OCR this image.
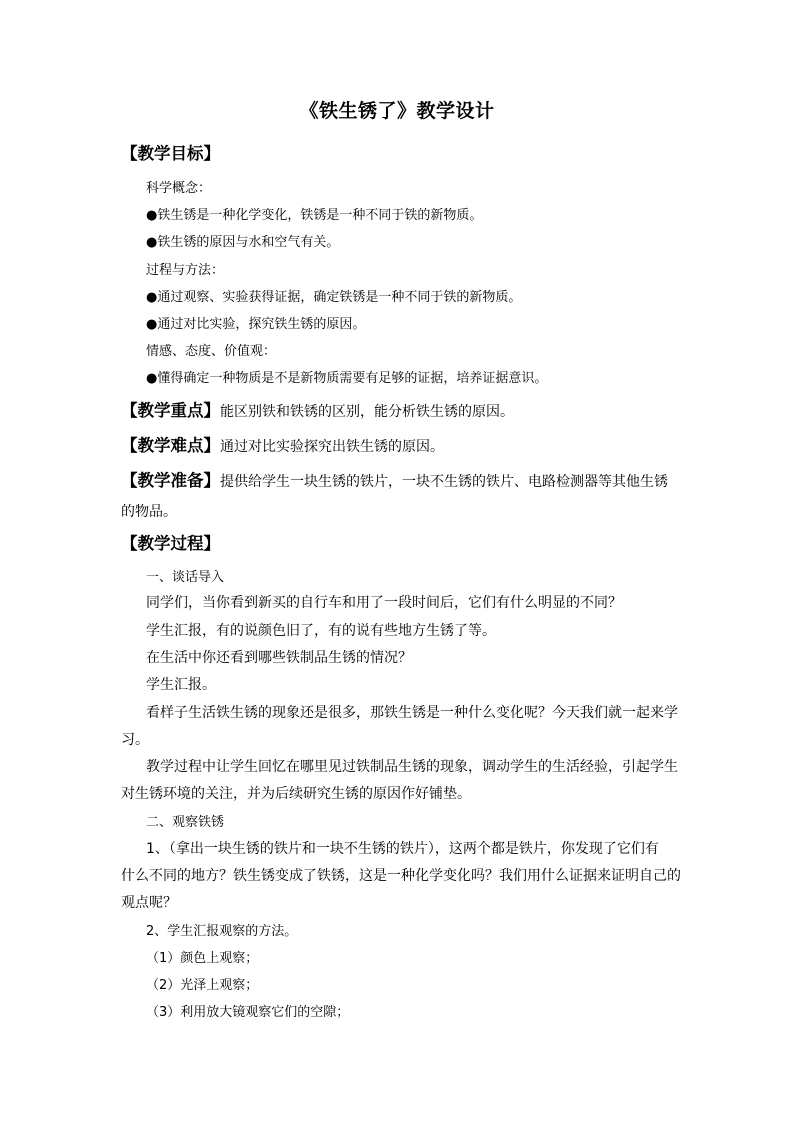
《铁生锈了》教学设计
【教学目标】
科学概念：
●铁生锈是一种化学变化，铁锈是一种不同于铁的新物质。
●铁生锈的原因与水和空气有关。
过程与方法：
●通过观察、实验获得证据，确定铁锈是一种不同于铁的新物质。
●通过对比实验，探究铁生锈的原因。
情感、态度、价值观：
●懂得确定一种物质是不是新物质需要有足够的证据，培养证据意识。
【教学重点】能区别铁和铁锈的区别，能分析铁生锈的原因。
【教学难点】通过对比实验探究出铁生锈的原因。
【教学准备】提供给学生一块生锈的铁片，一块不生锈的铁片、电路检测器等其他生锈
的物品。
【教学过程】
一、谈话导入
同学们，当你看到新买的自行车和用了一段时间后，它们有什么明显的不同？
学生汇报，有的说颜色旧了，有的说有些地方生锈了等。
在生活中你还看到哪些铁制品生锈的情况？
学生汇报。
看样子生活铁生锈的现象还是很多，那铁生锈是一种什么变化呢？今天我们就一起来学
习。
教学过程中让学生回忆在哪里见过铁制品生锈的现象，调动学生的生活经验，引起学生
对生锈环境的关注，并为后续研究生锈的原因作好铺垫。
二、观察铁锈
1、（拿出一块生锈的铁片和一块不生锈的铁片），这两个都是铁片，你发现了它们有
什么不同的地方？铁生锈变成了铁锈，这是一种化学变化吗？我们用什么证据来证明自己的
观点呢？
2、学生汇报观察的方法。
（1）颜色上观察；
（2）光泽上观察；
（3）利用放大镜观察它们的空隙；
